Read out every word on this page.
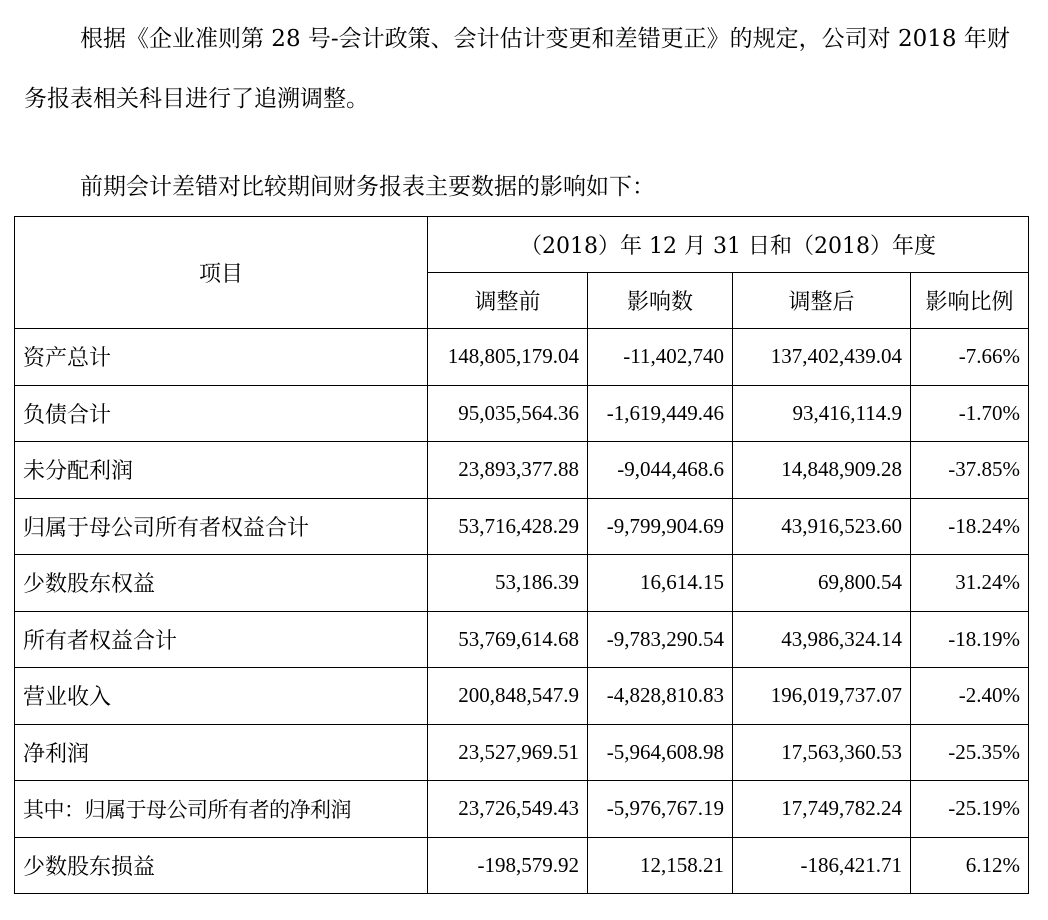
根据《企业准则第 28 号-会计政策、会计估计变更和差错更正》的规定，公司对 2018 年财务报表相关科目进行了追溯调整。

前期会计差错对比较期间财务报表主要数据的影响如下：

项目	（2018）年 12 月 31 日和（2018）年度			
	调整前	影响数	调整后	影响比例
资产总计	148,805,179.04	-11,402,740	137,402,439.04	-7.66%
负债合计	95,035,564.36	-1,619,449.46	93,416,114.9	-1.70%
未分配利润	23,893,377.88	-9,044,468.6	14,848,909.28	-37.85%
归属于母公司所有者权益合计	53,716,428.29	-9,799,904.69	43,916,523.60	-18.24%
少数股东权益	53,186.39	16,614.15	69,800.54	31.24%
所有者权益合计	53,769,614.68	-9,783,290.54	43,986,324.14	-18.19%
营业收入	200,848,547.9	-4,828,810.83	196,019,737.07	-2.40%
净利润	23,527,969.51	-5,964,608.98	17,563,360.53	-25.35%
其中：归属于母公司所有者的净利润	23,726,549.43	-5,976,767.19	17,749,782.24	-25.19%
少数股东损益	-198,579.92	12,158.21	-186,421.71	6.12%
